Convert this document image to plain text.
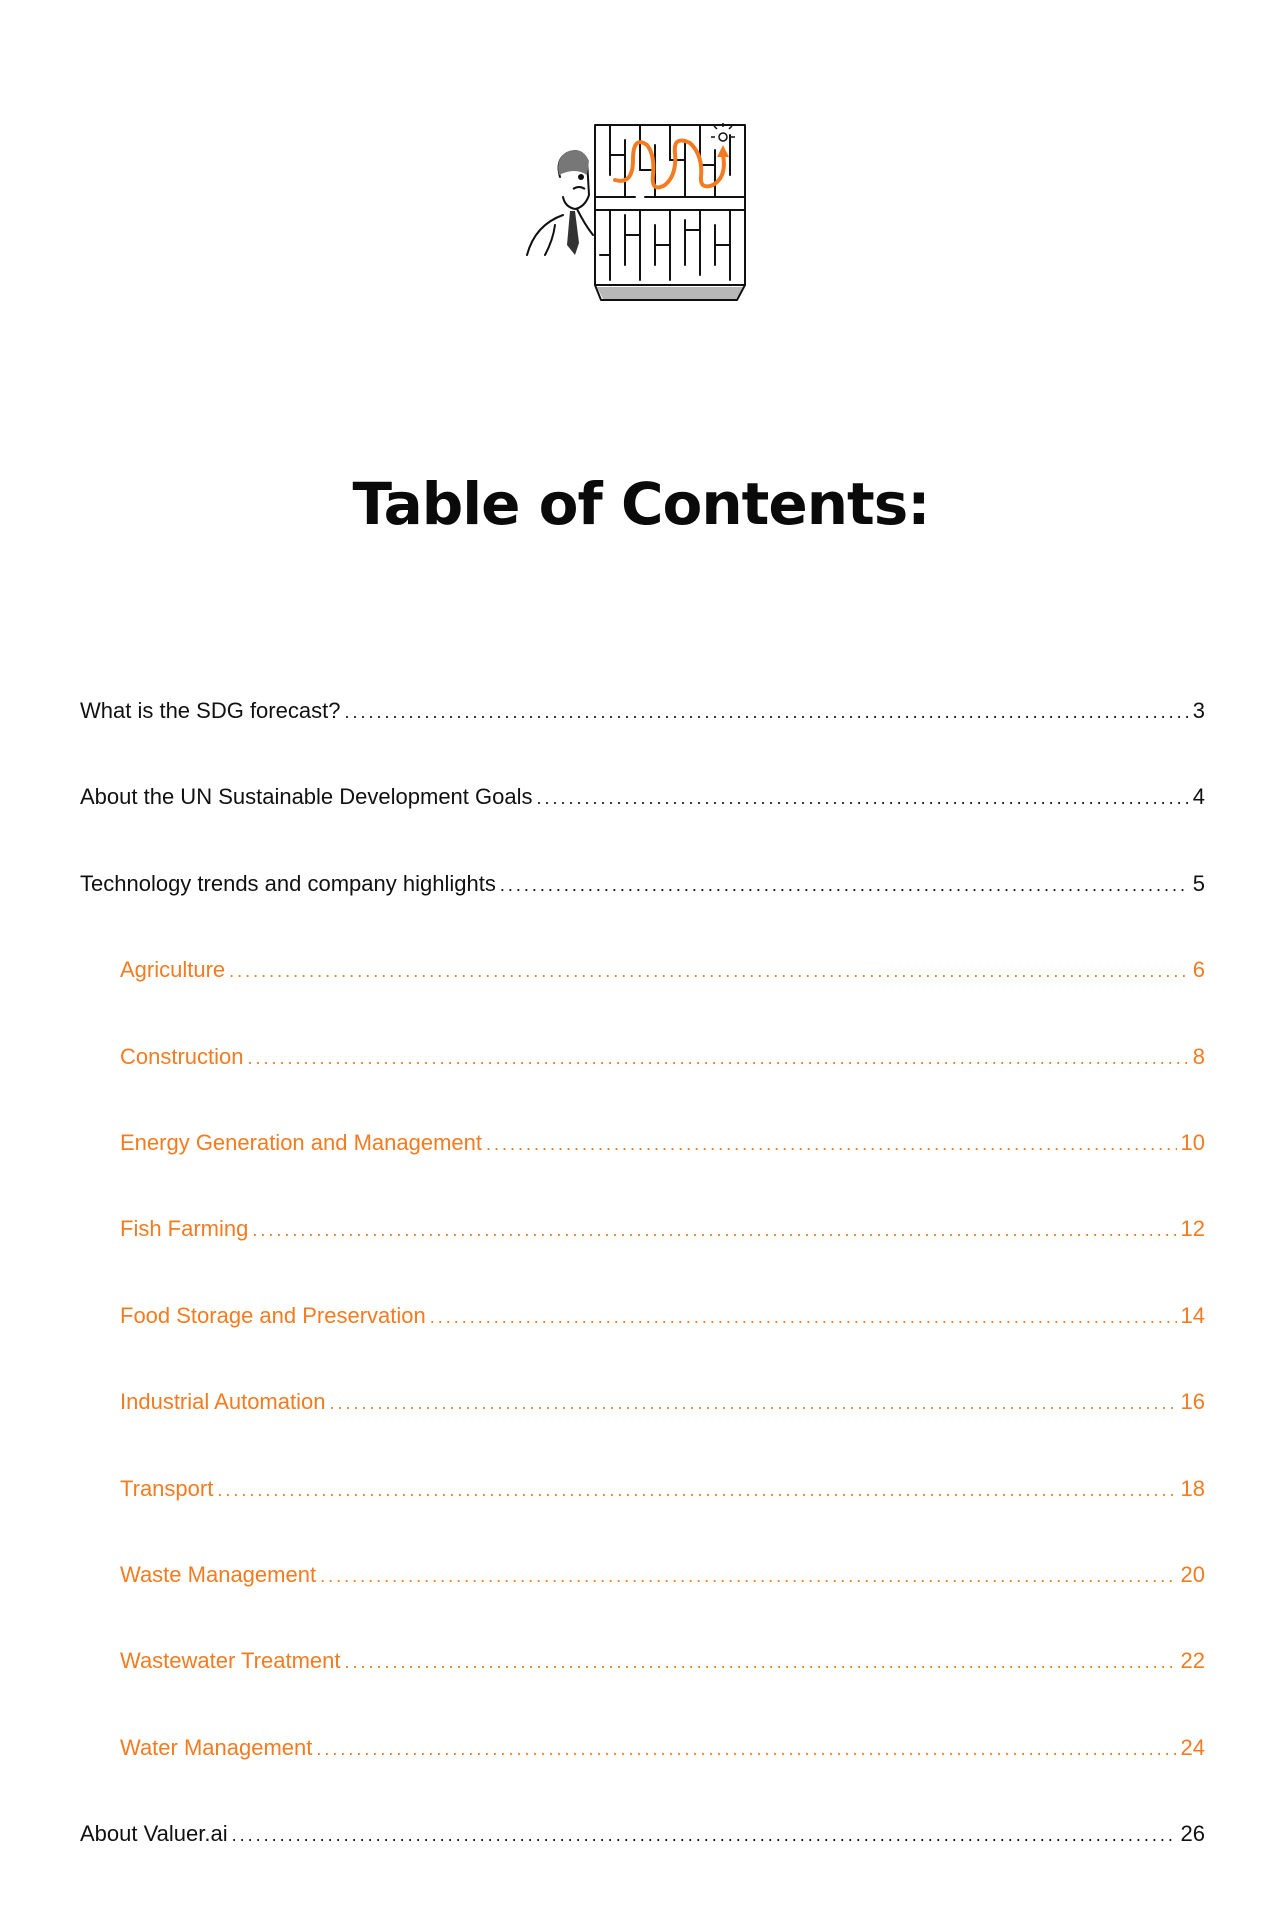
Table of Contents:
What is the SDG forecast? . . .	3
About the UN Sustainable Development Goals . . .	4
Technology trends and company highlights . . .	5
Agriculture . . .	6
Construction . . .	8
Energy Generation and Management . . .	10
Fish Farming . . .	12
Food Storage and Preservation . . .	14
Industrial Automation . . .	16
Transport . . .	18
Waste Management . . .	20
Wastewater Treatment . . .	22
Water Management . . .	24
About Valuer.ai . . .	26
